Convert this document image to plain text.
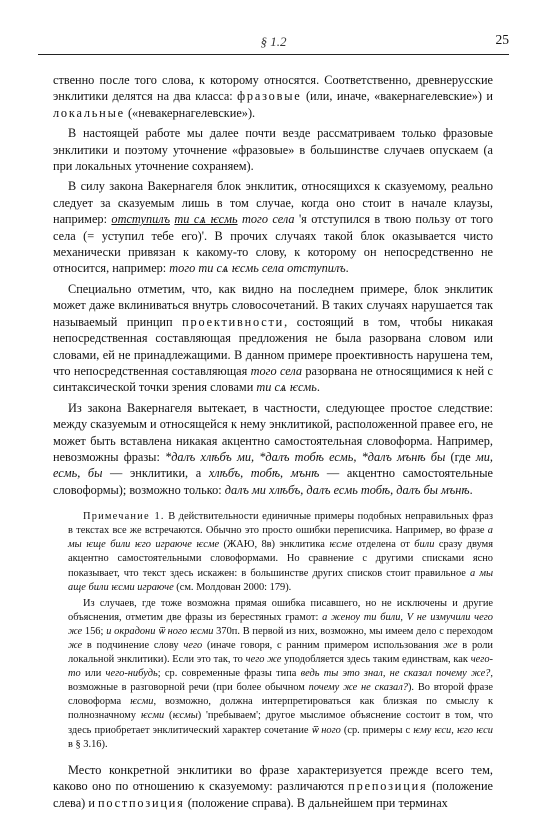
§ 1.2	25

ственно после того слова, к которому относятся. Соответственно, древнерусские энклитики делятся на два класса: фразовые (или, иначе, «вакернагелевские») и локальные («невакернагелевские»).

В настоящей работе мы далее почти везде рассматриваем только фразовые энклитики и поэтому уточнение «фразовые» в большинстве случаев опускаем (а при локальных уточнение сохраняем).

В силу закона Вакернагеля блок энклитик, относящихся к сказуемому, реально следует за сказуемым лишь в том случае, когда оно стоит в начале клаузы, например: отступилъ ти сѧ ѥсмь того села 'я отступился в твою пользу от того села (= уступил тебе его)'. В прочих случаях такой блок оказывается чисто механически привязан к какому-то слову, к которому он непосредственно не относится, например: того ти сѧ ѥсмь села отступилъ.

Специально отметим, что, как видно на последнем примере, блок энклитик может даже вклиниваться внутрь словосочетаний. В таких случаях нарушается так называемый принцип проективности, состоящий в том, чтобы никакая непосредственная составляющая предложения не была разорвана словом или словами, ей не принадлежащими. В данном примере проективность нарушена тем, что непосредственная составляющая того села разорвана не относящимися к ней с синтаксической точки зрения словами ти сѧ ѥсмь.

Из закона Вакернагеля вытекает, в частности, следующее простое следствие: между сказуемым и относящейся к нему энклитикой, расположенной правее его, не может быть вставлена никакая акцентно самостоятельная словоформа. Например, невозможны фразы: *далъ хлѣбъ ми, *далъ тобѣ есмь, *далъ мънѣ бы (где ми, есмь, бы — энклитики, а хлѣбъ, тобѣ, мънѣ — акцентно самостоятельные словоформы); возможно только: далъ ми хлѣбъ, далъ есмь тобѣ, далъ бы мънѣ.

Примечание 1. В действительности единичные примеры подобных неправильных фраз в текстах все же встречаются. Обычно это просто ошибки переписчика. Например, во фразе а мы ѥще били ѥго играюче ѥсме (ЖАЮ, 8в) энклитика ѥсме отделена от били сразу двумя акцентно самостоятельными словоформами. Но сравнение с другими списками ясно показывает, что текст здесь искажен: в большинстве других списков стоит правильное а мы аще били ѥсми играюче (см. Молдован 2000: 179).

Из случаев, где тоже возможна прямая ошибка писавшего, но не исключены и другие объяснения, отметим две фразы из берестяных грамот: а женоу ти били, V не измучили чего же 156; и окрадони ѿ ного ѥсми 370п. В первой из них, возможно, мы имеем дело с переходом же в подчинение слову чего (иначе говоря, с ранним примером использования же в роли локальной энклитики). Если это так, то чего же уподобляется здесь таким единствам, как чего-то или чего-нибудь; ср. современные фразы типа ведь ты это знал, не сказал почему же?, возможные в разговорной речи (при более обычном почему же не сказал?). Во второй фразе словоформа ѥсми, возможно, должна интерпретироваться как близкая по смыслу к полнозначному ѥсми (ѥсмы) 'пребываем'; другое мыслимое объяснение состоит в том, что здесь приобретает энклитический характер сочетание ѿ ного (ср. примеры с ѥму ѥси, ѥго ѥси в § 3.16).

Место конкретной энклитики во фразе характеризуется прежде всего тем, каково оно по отношению к сказуемому: различаются препозиция (положение слева) и постпозиция (положение справа). В дальнейшем при терминах
